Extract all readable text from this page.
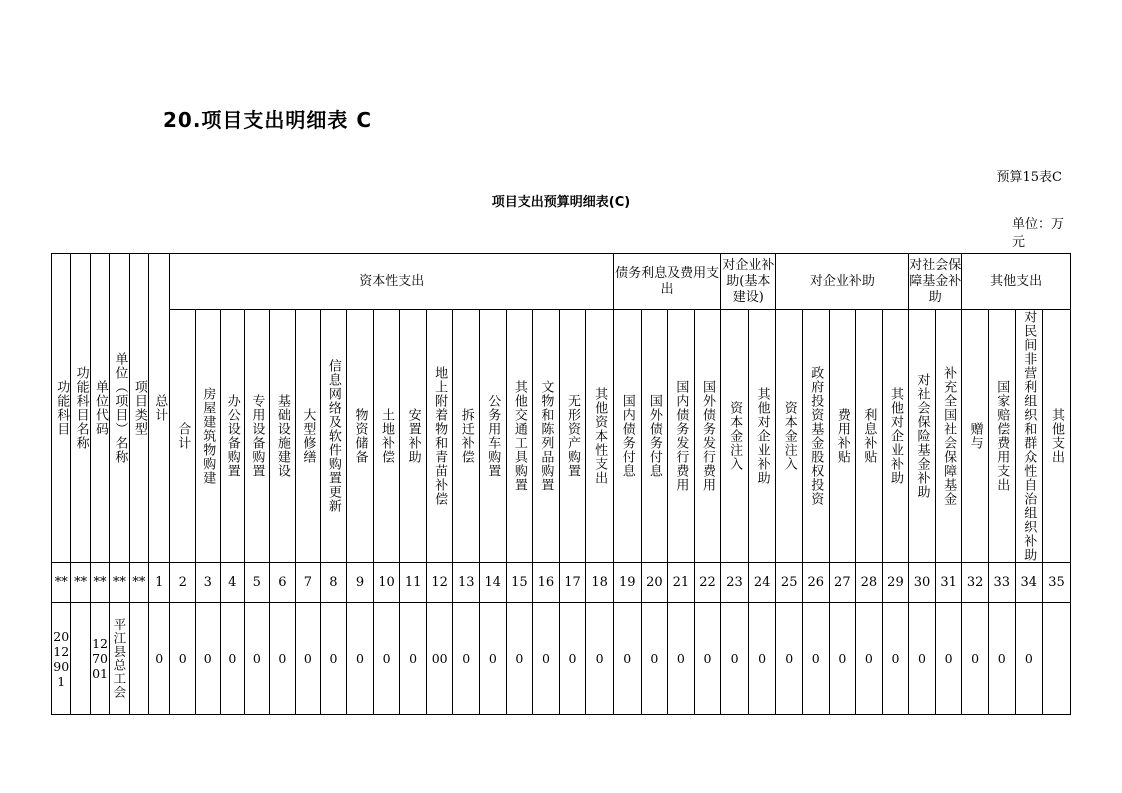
20.项目支出明细表 C
预算15表C
项目支出预算明细表(C)
单位：万元
功能科目	功能科目名称	单位代码	单位（项目）名称	项目类型	总计	资本性支出																	债务利息及费用支出				对企业补助(基本建设)		对企业补助					对社会保障基金补助		其他支出			
						合计	房屋建筑物购建	办公设备购置	专用设备购置	基础设施建设	大型修缮	信息网络及软件购置更新	物资储备	土地补偿	安置补助	地上附着物和青苗补偿	拆迁补偿	公务用车购置	其他交通工具购置	文物和陈列品购置	无形资产购置	其他资本性支出	国内债务付息	国外债务付息	国内债务发行费用	国外债务发行费用	资本金注入	其他对企业补助	资本金注入	政府投资基金股权投资	费用补贴	利息补贴	其他对企业补助	对社会保险基金补助	补充全国社会保障基金	赠与	国家赔偿费用支出	对民间非营利组织和群众性自治组织补助	其他支出
**	**	**	**	**	1	2	3	4	5	6	7	8	9	10	11	12	13	14	15	16	17	18	19	20	21	22	23	24	25	26	27	28	29	30	31	32	33	34	35
2012901		127001	平江县总工会		0	0	0	0	0	0	0	0	0	0	0	00	0	0	0	0	0	0	0	0	0	0	0	0	0	0	0	0	0	0	0	0	0	0	
